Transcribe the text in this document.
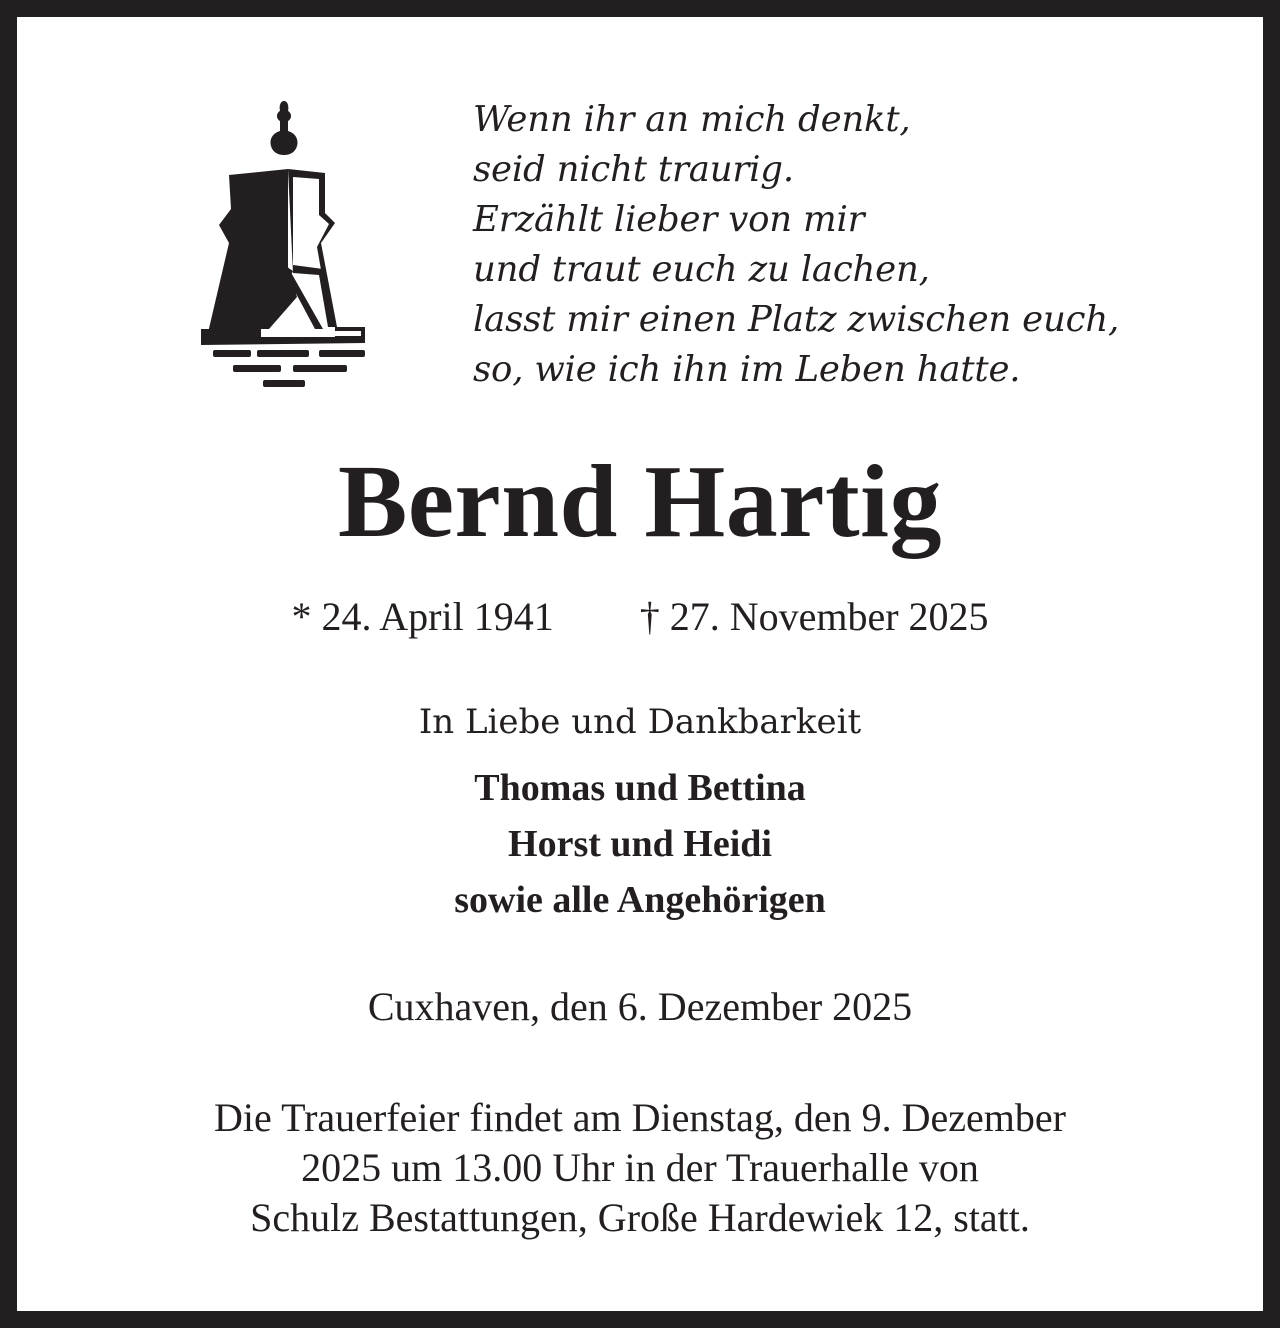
Wenn ihr an mich denkt,
seid nicht traurig.
Erzählt lieber von mir
und traut euch zu lachen,
lasst mir einen Platz zwischen euch,
so, wie ich ihn im Leben hatte.
Bernd Hartig
* 24. April 1941 † 27. November 2025
In Liebe und Dankbarkeit
Thomas und Bettina
Horst und Heidi
sowie alle Angehörigen
Cuxhaven, den 6. Dezember 2025
Die Trauerfeier findet am Dienstag, den 9. Dezember
2025 um 13.00 Uhr in der Trauerhalle von
Schulz Bestattungen, Große Hardewiek 12, statt.
